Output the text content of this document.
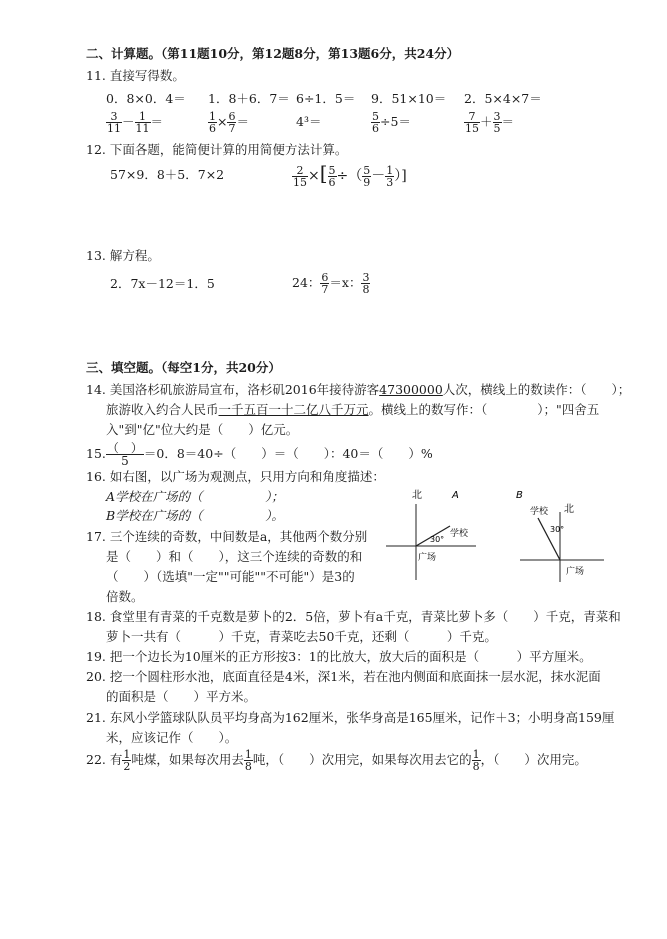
二、计算题。（第11题10分，第12题8分，第13题6分，共24分）
11. 直接写得数。
0．8×0．4＝ 1．8＋6．7＝ 6÷1．5＝ 9．51×10＝ 2．5×4×7＝
$\frac{3}{11} - \frac{1}{11}$ ＝	$\frac{1}{6} \times \frac{6}{7}$ ＝	4³＝	$\frac{5}{6} \div 5=$	$\frac{7}{15} + \frac{3}{5}$ ＝
12. 下面各题，能简便计算的用简便方法计算。
57×9．8＋5．7×2	$\frac{2}{15}$ ×[ $\frac{5}{6}$ ÷（ $\frac{5}{9} - \frac{1}{3}$ ）]
13. 解方程。
2．7x－12＝1．5	24： $\frac{6}{7} =x$： $\frac{3}{8}$
三、填空题。（每空1分，共20分）
14. 美国洛杉矶旅游局宣布，洛杉矶2016年接待游客47300000人次，横线上的数读作：（　　）；
旅游收入约合人民币一千五百一十二亿八千万元。横线上的数写作：（　　　　）；"四舍五
入"到"亿"位大约是（　　）亿元。
15. （　）
5	＝0．8＝40÷（　　）＝（　　）：40＝（　　）%
16. 如右图，以广场为观测点，只用方向和角度描述：
A学校在广场的（　　　　　）；
B学校在广场的（　　　　　）。
17. 三个连续的奇数，中间数是a，其他两个数分别
是（　　）和（　　），这三个连续的奇数的和
（　　）（选填"一定""可能""不可能"）是3的
倍数。
北	A
30°
学校
广场
B
北
学校
30°
广场
18. 食堂里有青菜的千克数是萝卜的2．5倍，萝卜有a千克，青菜比萝卜多（　　）千克，青菜和
萝卜一共有（　　　）千克，青菜吃去50千克，还剩（　　　）千克。
19. 把一个边长为10厘米的正方形按3：1的比放大，放大后的面积是（　　　）平方厘米。
20. 挖一个圆柱形水池，底面直径是4米，深1米，若在池内侧面和底面抹一层水泥，抹水泥面
的面积是（　　）平方米。
21. 东风小学篮球队队员平均身高为162厘米，张华身高是165厘米，记作＋3；小明身高159厘
米，应该记作（　　）。
22. 有 $\frac{1}{2}$ 吨煤，如果每次用去 $\frac{1}{8}$ 吨，（　　）次用完，如果每次用去它的 $\frac{1}{8}$ ，（　　）次用完。
